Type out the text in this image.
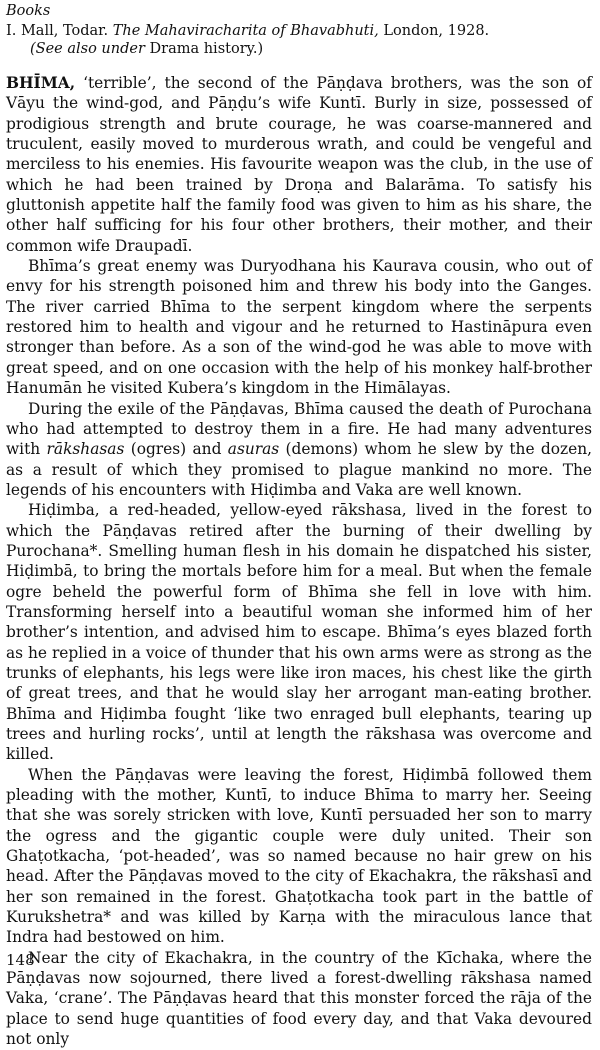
Books
I. Mall, Todar. The Mahaviracharita of Bhavabhuti, London, 1928.
(See also under Drama history.)

BHĪMA, ‘terrible’, the second of the Pāṇḍava brothers, was the son of Vāyu the wind-god, and Pāṇḍu’s wife Kuntī. Burly in size, possessed of prodigious strength and brute courage, he was coarse-mannered and truculent, easily moved to murderous wrath, and could be vengeful and merciless to his enemies. His favourite weapon was the club, in the use of which he had been trained by Droṇa and Balarāma. To satisfy his gluttonish appetite half the family food was given to him as his share, the other half sufficing for his four other brothers, their mother, and their common wife Draupadī.

Bhīma’s great enemy was Duryodhana his Kaurava cousin, who out of envy for his strength poisoned him and threw his body into the Ganges. The river carried Bhīma to the serpent kingdom where the serpents restored him to health and vigour and he returned to Hastināpura even stronger than before. As a son of the wind-god he was able to move with great speed, and on one occasion with the help of his monkey half-brother Hanumān he visited Kubera’s kingdom in the Himālayas.

During the exile of the Pāṇḍavas, Bhīma caused the death of Purochana who had attempted to destroy them in a fire. He had many adventures with rākshasas (ogres) and asuras (demons) whom he slew by the dozen, as a result of which they promised to plague mankind no more. The legends of his encounters with Hiḍimba and Vaka are well known.

Hiḍimba, a red-headed, yellow-eyed rākshasa, lived in the forest to which the Pāṇḍavas retired after the burning of their dwelling by Purochana*. Smelling human flesh in his domain he dispatched his sister, Hiḍimbā, to bring the mortals before him for a meal. But when the female ogre beheld the powerful form of Bhīma she fell in love with him. Transforming herself into a beautiful woman she informed him of her brother’s intention, and advised him to escape. Bhīma’s eyes blazed forth as he replied in a voice of thunder that his own arms were as strong as the trunks of elephants, his legs were like iron maces, his chest like the girth of great trees, and that he would slay her arrogant man-eating brother. Bhīma and Hiḍimba fought ‘like two enraged bull elephants, tearing up trees and hurling rocks’, until at length the rākshasa was overcome and killed.

When the Pāṇḍavas were leaving the forest, Hiḍimbā followed them pleading with the mother, Kuntī, to induce Bhīma to marry her. Seeing that she was sorely stricken with love, Kuntī persuaded her son to marry the ogress and the gigantic couple were duly united. Their son Ghaṭotkacha, ‘pot-headed’, was so named because no hair grew on his head. After the Pāṇḍavas moved to the city of Ekachakra, the rākshasī and her son remained in the forest. Ghaṭotkacha took part in the battle of Kurukshetra* and was killed by Karṇa with the miraculous lance that Indra had bestowed on him.

Near the city of Ekachakra, in the country of the Kīchaka, where the Pāṇḍavas now sojourned, there lived a forest-dwelling rākshasa named Vaka, ‘crane’. The Pāṇḍavas heard that this monster forced the rāja of the place to send huge quantities of food every day, and that Vaka devoured not only

148
